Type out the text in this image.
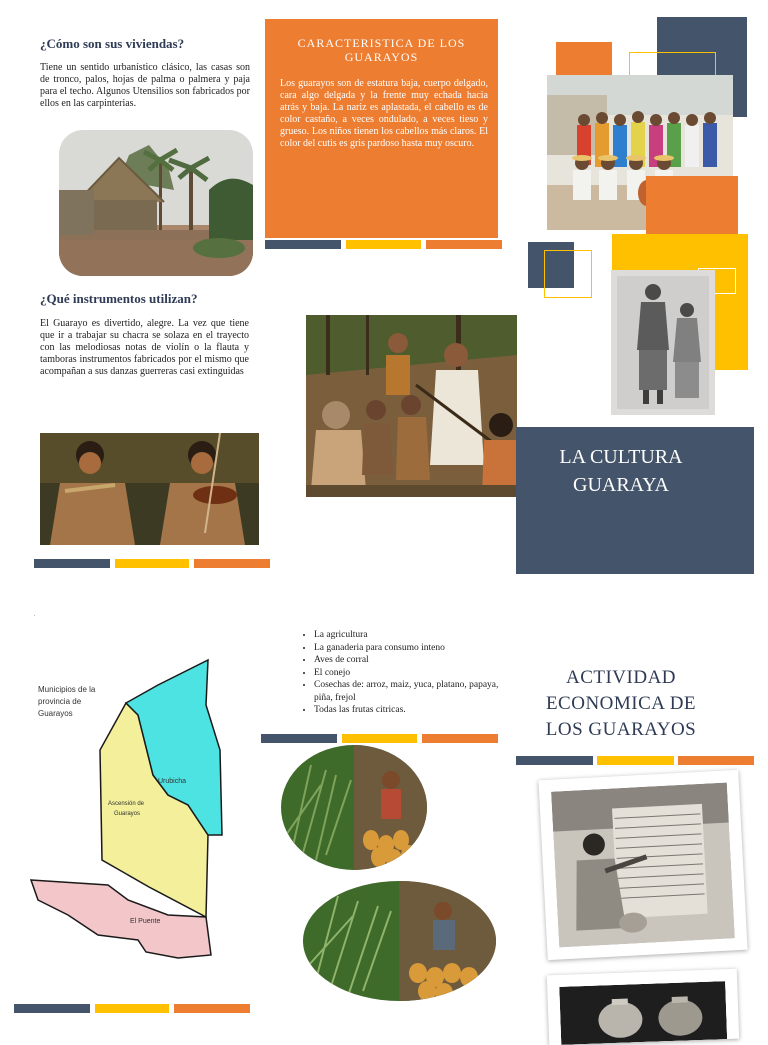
¿Cómo son sus viviendas?
Tiene un sentido urbanístico clásico, las casas son de tronco, palos, hojas de palma o palmera y paja para el techo. Algunos Utensilios son fabricados por ellos en las carpinterias.
CARACTERISTICA DE LOS GUARAYOS
Los guarayos son de estatura baja, cuerpo delgado, cara algo delgada y la frente muy echada hacia atrás y baja. La nariz es aplastada, el cabello es de color castaño, a veces ondulado, a veces tieso y grueso. Los niños tienen los cabellos más claros. El color del cutis es gris pardoso hasta muy oscuro.
¿Qué instrumentos utilizan?
El Guarayo es divertido, alegre. La vez que tiene que ir a trabajar su chacra se solaza en el trayecto con las melodiosas notas de violín o la flauta y tamboras instrumentos fabricados por el mismo que acompañan a sus danzas guerreras casi extinguidas
LA CULTURA
GUARAYA
.
Municipios de la
provincia de
Guarayos
Urubicha
Ascensión de
Guarayos
El Puente
• La agricultura
• La ganaderia para consumo inteno
• Aves de corral
• El conejo
• Cosechas de: arroz, maiz, yuca, platano, papaya, piña, frejol
• Todas las frutas citricas.
ACTIVIDAD
ECONOMICA DE
LOS GUARAYOS
